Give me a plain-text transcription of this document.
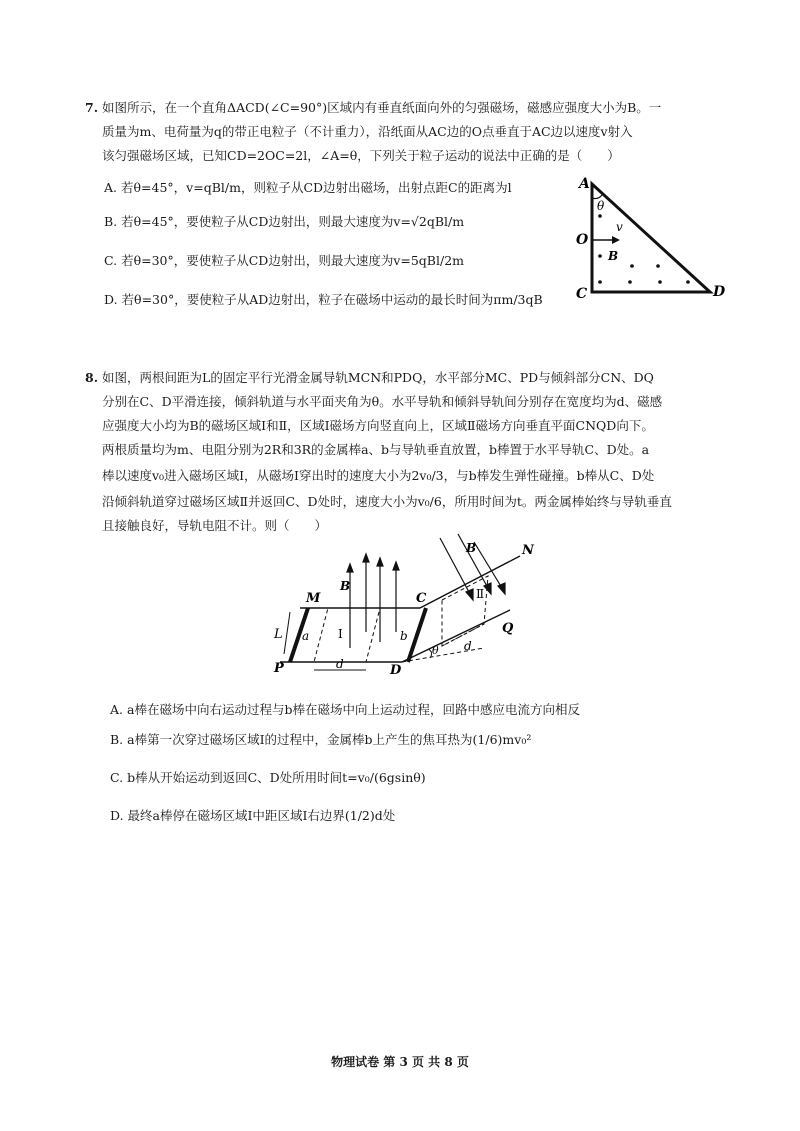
7. 如图所示，在一个直角ΔACD(∠C=90°)区域内有垂直纸面向外的匀强磁场，磁感应强度大小为B。一
质量为m、电荷量为q的带正电粒子（不计重力），沿纸面从AC边的O点垂直于AC边以速度v射入
该匀强磁场区域，已知CD=2OC=2l，∠A=θ，下列关于粒子运动的说法中正确的是（　　）
A. 若θ=45°，v=qBl/m，则粒子从CD边射出磁场，出射点距C的距离为l
B. 若θ=45°，要使粒子从CD边射出，则最大速度为v=√2qBl/m
C. 若θ=30°，要使粒子从CD边射出，则最大速度为v=5qBl/2m
D. 若θ=30°，要使粒子从AD边射出，粒子在磁场中运动的最长时间为πm/3qB
A
C	D
O
θ
v
B
8. 如图，两根间距为L的固定平行光滑金属导轨MCN和PDQ，水平部分MC、PD与倾斜部分CN、DQ
分别在C、D平滑连接，倾斜轨道与水平面夹角为θ。水平导轨和倾斜导轨间分别存在宽度均为d、磁感
应强度大小均为B的磁场区域Ⅰ和Ⅱ，区域Ⅰ磁场方向竖直向上，区域Ⅱ磁场方向垂直平面CNQD向下。
两根质量均为m、电阻分别为2R和3R的金属棒a、b与导轨垂直放置，b棒置于水平导轨C、D处。a
棒以速度v₀进入磁场区域Ⅰ，从磁场Ⅰ穿出时的速度大小为2v₀/3，与b棒发生弹性碰撞。b棒从C、D处
沿倾斜轨道穿过磁场区域Ⅱ并返回C、D处时，速度大小为v₀/6，所用时间为t。两金属棒始终与导轨垂直
且接触良好，导轨电阻不计。则（　　）
M
P
C
D
N
Q
L a	b
d
d
B
B
Ⅰ
Ⅱ
θ
A. a棒在磁场中向右运动过程与b棒在磁场中向上运动过程，回路中感应电流方向相反
B. a棒第一次穿过磁场区域Ⅰ的过程中，金属棒b上产生的焦耳热为(1/6)mv₀²
C. b棒从开始运动到返回C、D处所用时间t=v₀/(6gsinθ)
D. 最终a棒停在磁场区域Ⅰ中距区域Ⅰ右边界(1/2)d处
物理试卷 第 3 页 共 8 页
